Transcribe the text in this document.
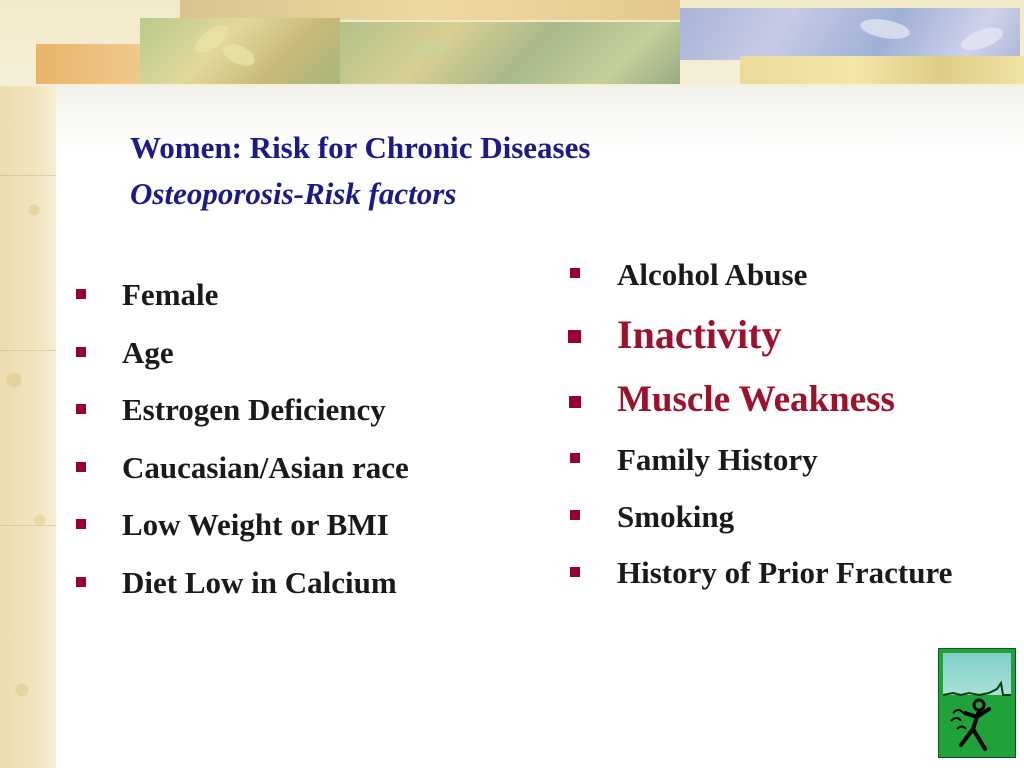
Women: Risk for Chronic Diseases
Osteoporosis-Risk factors
Female
Age
Estrogen Deficiency
Caucasian/Asian race
Low Weight or BMI
Diet Low in Calcium
Alcohol Abuse
Inactivity
Muscle Weakness
Family History
Smoking
History of Prior Fracture
